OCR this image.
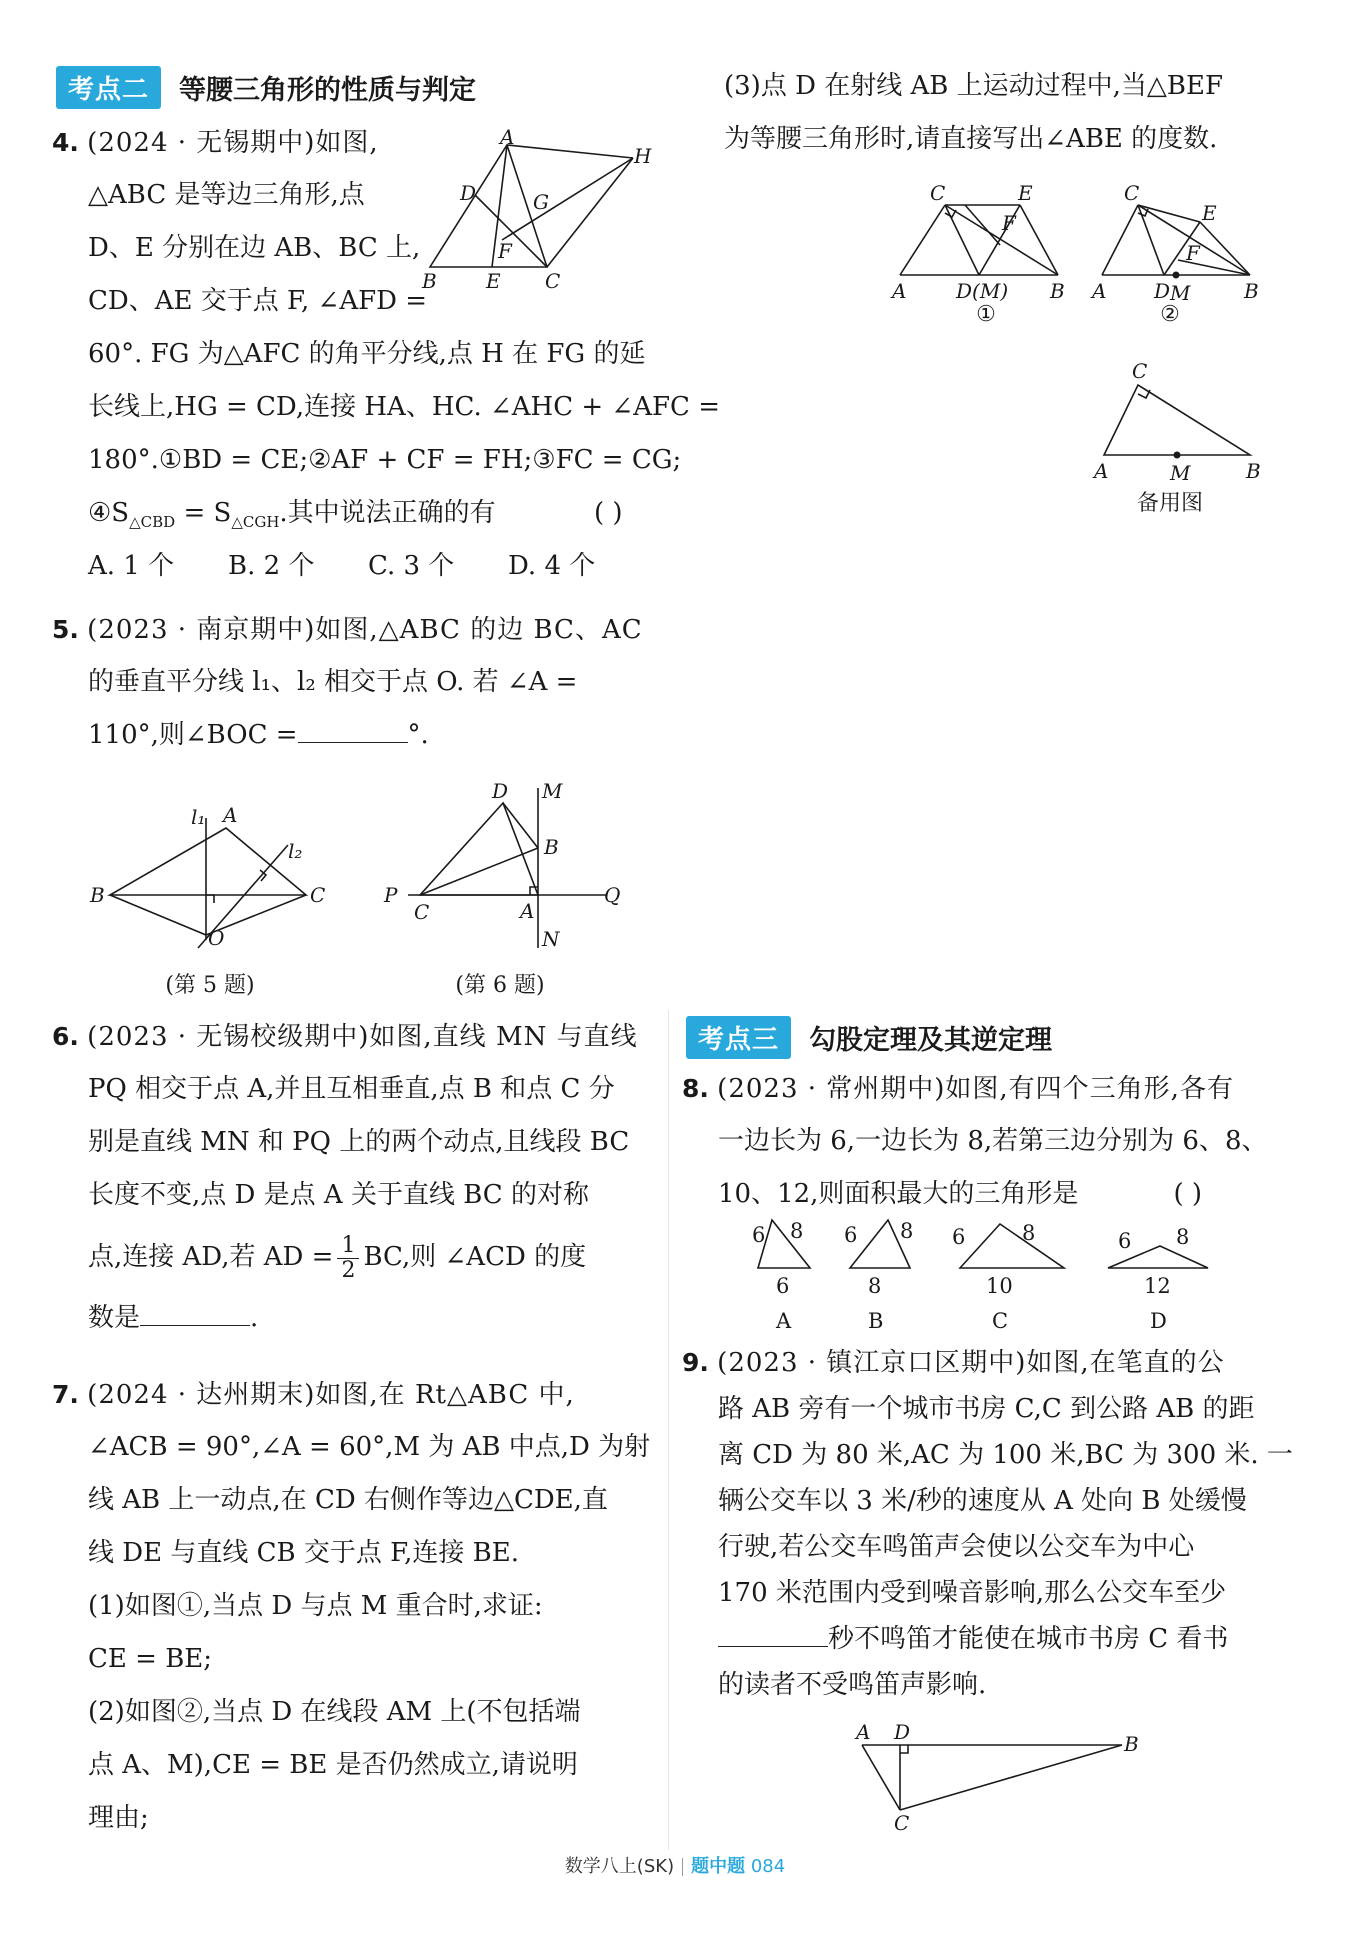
考点二	等腰三角形的性质与判定
4. (2024 · 无锡期中)如图,
△ABC 是等边三角形,点
D、E 分别在边 AB、BC 上,
CD、AE 交于点 F, ∠AFD =
60°. FG 为△AFC 的角平分线,点 H 在 FG 的延
长线上,HG = CD,连接 HA、HC. ∠AHC + ∠AFC =
180°.①BD = CE;②AF + CF = FH;③FC = CG;
$④S_{\triangle CBD} = S_{\triangle CGH}$.其中说法正确的有	( )
A. 1 个	B. 2 个	C. 3 个	D. 4 个
A
H
D	G
F
B E C
5. (2023 · 南京期中)如图,△ABC 的边 BC、AC
的垂直平分线 l₁、l₂ 相交于点 O. 若 ∠A =
110°,则∠BOC =	°.
l₁ A
l₂
B	C
O
(第 5 题)
D M
B
P
C	A
Q
N
(第 6 题)
6. (2023 · 无锡校级期中)如图,直线 MN 与直线
PQ 相交于点 A,并且互相垂直,点 B 和点 C 分
别是直线 MN 和 PQ 上的两个动点,且线段 BC
长度不变,点 D 是点 A 关于直线 BC 的对称
点,连接 AD,若 AD = $\frac{1}{2}$ BC,则 ∠ACD 的度
数是	.
7. (2024 · 达州期末)如图,在 Rt△ABC 中,
∠ACB = 90°,∠A = 60°,M 为 AB 中点,D 为射
线 AB 上一动点,在 CD 右侧作等边△CDE,直
线 DE 与直线 CB 交于点 F,连接 BE.
(1)如图①,当点 D 与点 M 重合时,求证:
CE = BE;
(2)如图②,当点 D 在线段 AM 上(不包括端
点 A、M),CE = BE 是否仍然成立,请说明
理由;
(3)点 D 在射线 AB 上运动过程中,当△BEF
为等腰三角形时,请直接写出∠ABE 的度数.
C	E
F
A D(M) B
①
C
E
F
A D M	B
②
C
A	M	B
备用图
考点三	勾股定理及其逆定理
8. (2023 · 常州期中)如图,有四个三角形,各有
一边长为 6,一边长为 8,若第三边分别为 6、8、
10、12,则面积最大的三角形是	( )
6 8
6
A
6 8
8
B
6	8
10
C
6 8
12
D
9. (2023 · 镇江京口区期中)如图,在笔直的公
路 AB 旁有一个城市书房 C,C 到公路 AB 的距
离 CD 为 80 米,AC 为 100 米,BC 为 300 米. 一
辆公交车以 3 米/秒的速度从 A 处向 B 处缓慢
行驶,若公交车鸣笛声会使以公交车为中心
170 米范围内受到噪音影响,那么公交车至少
秒不鸣笛才能使在城市书房 C 看书
的读者不受鸣笛声影响.
A D	B
C
数学八上(SK) 题中题 084
